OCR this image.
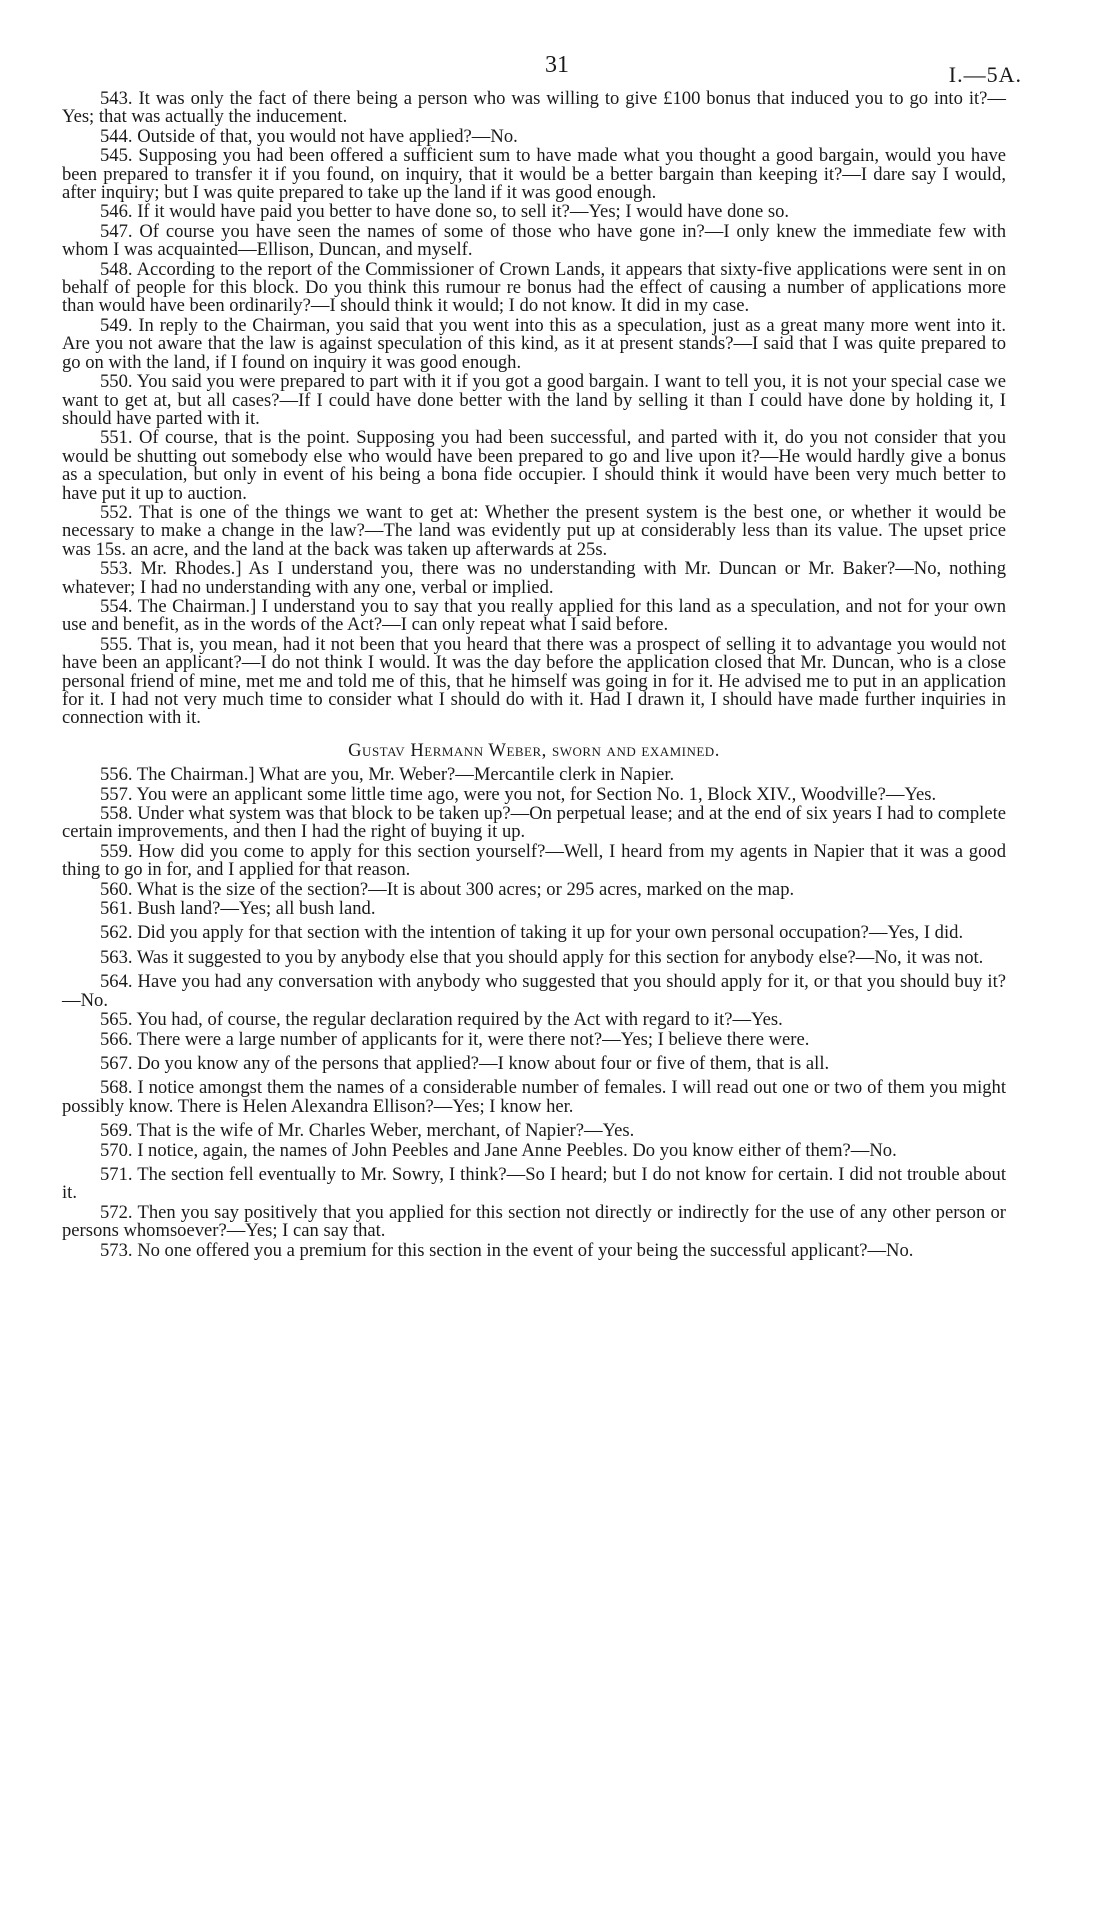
31	I.—5A.

543. It was only the fact of there being a person who was willing to give £100 bonus that induced you to go into it?—Yes; that was actually the inducement.

544. Outside of that, you would not have applied?—No.

545. Supposing you had been offered a sufficient sum to have made what you thought a good bargain, would you have been prepared to transfer it if you found, on inquiry, that it would be a better bargain than keeping it?—I dare say I would, after inquiry; but I was quite prepared to take up the land if it was good enough.

546. If it would have paid you better to have done so, to sell it?—Yes; I would have done so.

547. Of course you have seen the names of some of those who have gone in?—I only knew the immediate few with whom I was acquainted—Ellison, Duncan, and myself.

548. According to the report of the Commissioner of Crown Lands, it appears that sixty-five applications were sent in on behalf of people for this block. Do you think this rumour re bonus had the effect of causing a number of applications more than would have been ordinarily?—I should think it would; I do not know. It did in my case.

549. In reply to the Chairman, you said that you went into this as a speculation, just as a great many more went into it. Are you not aware that the law is against speculation of this kind, as it at present stands?—I said that I was quite prepared to go on with the land, if I found on inquiry it was good enough.

550. You said you were prepared to part with it if you got a good bargain. I want to tell you, it is not your special case we want to get at, but all cases?—If I could have done better with the land by selling it than I could have done by holding it, I should have parted with it.

551. Of course, that is the point. Supposing you had been successful, and parted with it, do you not consider that you would be shutting out somebody else who would have been prepared to go and live upon it?—He would hardly give a bonus as a speculation, but only in event of his being a bona fide occupier. I should think it would have been very much better to have put it up to auction.

552. That is one of the things we want to get at: Whether the present system is the best one, or whether it would be necessary to make a change in the law?—The land was evidently put up at considerably less than its value. The upset price was 15s. an acre, and the land at the back was taken up afterwards at 25s.

553. Mr. Rhodes.] As I understand you, there was no understanding with Mr. Duncan or Mr. Baker?—No, nothing whatever; I had no understanding with any one, verbal or implied.

554. The Chairman.] I understand you to say that you really applied for this land as a speculation, and not for your own use and benefit, as in the words of the Act?—I can only repeat what I said before.

555. That is, you mean, had it not been that you heard that there was a prospect of selling it to advantage you would not have been an applicant?—I do not think I would. It was the day before the application closed that Mr. Duncan, who is a close personal friend of mine, met me and told me of this, that he himself was going in for it. He advised me to put in an application for it. I had not very much time to consider what I should do with it. Had I drawn it, I should have made further inquiries in connection with it.

Gustav Hermann Weber, sworn and examined.

556. The Chairman.] What are you, Mr. Weber?—Mercantile clerk in Napier.

557. You were an applicant some little time ago, were you not, for Section No. 1, Block XIV., Woodville?—Yes.

558. Under what system was that block to be taken up?—On perpetual lease; and at the end of six years I had to complete certain improvements, and then I had the right of buying it up.

559. How did you come to apply for this section yourself?—Well, I heard from my agents in Napier that it was a good thing to go in for, and I applied for that reason.

560. What is the size of the section?—It is about 300 acres; or 295 acres, marked on the map.

561. Bush land?—Yes; all bush land.

562. Did you apply for that section with the intention of taking it up for your own personal occupation?—Yes, I did.

563. Was it suggested to you by anybody else that you should apply for this section for anybody else?—No, it was not.

564. Have you had any conversation with anybody who suggested that you should apply for it, or that you should buy it?—No.

565. You had, of course, the regular declaration required by the Act with regard to it?—Yes.

566. There were a large number of applicants for it, were there not?—Yes; I believe there were.

567. Do you know any of the persons that applied?—I know about four or five of them, that is all.

568. I notice amongst them the names of a considerable number of females. I will read out one or two of them you might possibly know. There is Helen Alexandra Ellison?—Yes; I know her.

569. That is the wife of Mr. Charles Weber, merchant, of Napier?—Yes.

570. I notice, again, the names of John Peebles and Jane Anne Peebles. Do you know either of them?—No.

571. The section fell eventually to Mr. Sowry, I think?—So I heard; but I do not know for certain. I did not trouble about it.

572. Then you say positively that you applied for this section not directly or indirectly for the use of any other person or persons whomsoever?—Yes; I can say that.

573. No one offered you a premium for this section in the event of your being the successful applicant?—No.
